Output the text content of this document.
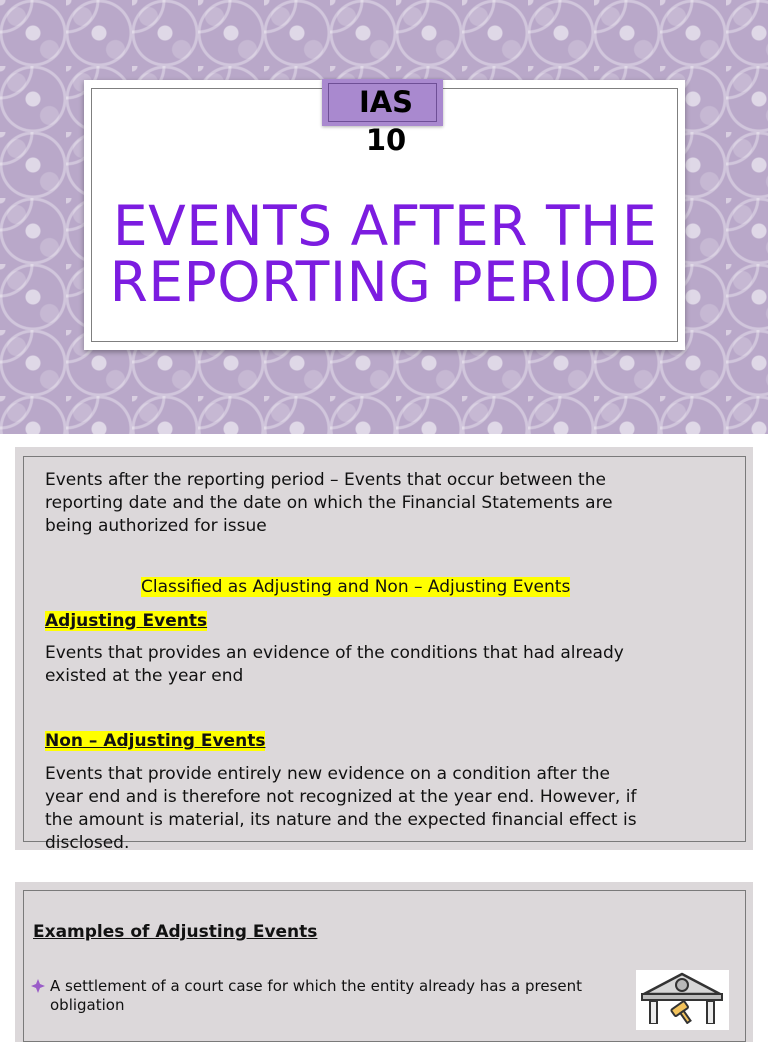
IAS
10
EVENTS AFTER THE
REPORTING PERIOD
Events after the reporting period – Events that occur between the
reporting date and the date on which the Financial Statements are
being authorized for issue
Classified as Adjusting and Non – Adjusting Events
Adjusting Events
Events that provides an evidence of the conditions that had already
existed at the year end
Non – Adjusting Events
Events that provide entirely new evidence on a condition after the
year end and is therefore not recognized at the year end. However, if
the amount is material, its nature and the expected financial effect is
disclosed.
Examples of Adjusting Events
A settlement of a court case for which the entity already has a present
obligation
